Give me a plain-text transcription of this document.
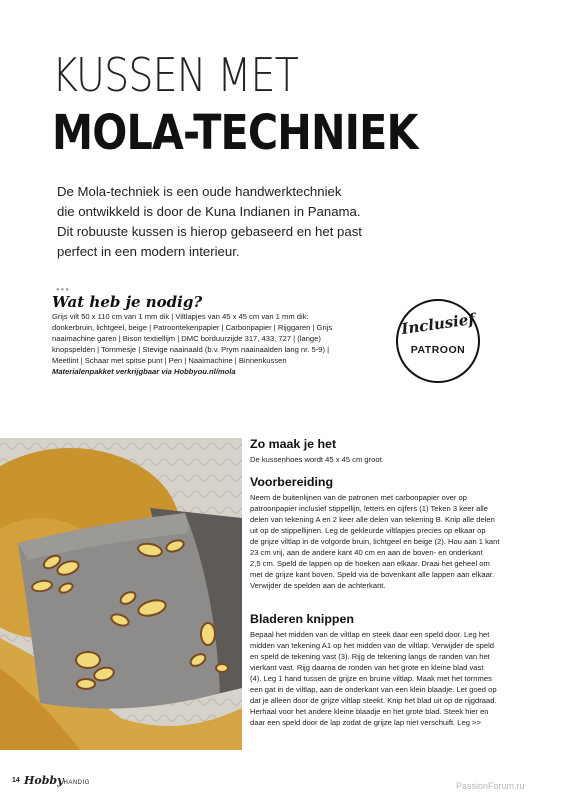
KUSSEN MET
MOLA-TECHNIEK
De Mola-techniek is een oude handwerktechniek
die ontwikkeld is door de Kuna Indianen in Panama.
Dit robuuste kussen is hierop gebaseerd en het past
perfect in een modern interieur.
●●●
Wat heb je nodig?
Grijs vilt 50 x 110 cm van 1 mm dik | Viltlapjes van 45 x 45 cm van 1 mm dik:
donkerbruin, lichtgeel, beige | Patroontekenpapier | Carbonpapier | Rijggaren | Grijs
naaimachine garen | Bison textiellijm | DMC borduurzijde 317, 433, 727 | (lange)
knopspelden | Tornmesje | Stevige naainaald (b.v. Prym naainaalden lang nr. 5-9) |
Meetlint | Schaar met spitse punt | Pen | Naaimachine | Binnenkussen
Materialenpakket verkrijgbaar via Hobbyou.nl/mola
Inclusief
PATROON
Zo maak je het
De kussenhoes wordt 45 x 45 cm groot.
Voorbereiding
Neem de buitenlijnen van de patronen met carbonpapier over op
patroonpapier inclusief stippellijn, letters en cijfers (1) Teken 3 keer alle
delen van tekening A en 2 keer alle delen van tekening B. Knip alle delen
uit op de stippellijnen. Leg de gekleurde viltlapjes precies op elkaar op
de grijze viltlap in de volgorde bruin, lichtgeel en beige (2). Hou aan 1 kant
23 cm vrij, aan de andere kant 40 cm en aan de boven- en onderkant
2,5 cm. Speld de lappen op de hoeken aan elkaar. Draai het geheel om
met de grijze kant boven. Speld via de bovenkant alle lappen aan elkaar.
Verwijder de spelden aan de achterkant.
Bladeren knippen
Bepaal het midden van de viltlap en steek daar een speld door. Leg het
midden van tekening A1 op het midden van de viltlap. Verwijder de speld
en speld de tekening vast (3). Rijg de tekening langs de randen van het
vierkant vast. Rijg daarna de ronden van het grote en kleine blad vast
(4). Leg 1 hand tussen de grijze en bruine viltlap. Maak met het tornmes
een gat in de viltlap, aan de onderkant van een klein blaadje. Let goed op
dat je alleen door de grijze viltlap steekt. Knip het blad uit op de rijgdraad.
Herhaal voor het andere kleine blaadje en het grote blad. Steek hier en
daar een speld door de lap zodat de grijze lap niet verschuift. Leg >>
14 HobbyHANDIG	PassionForum.ru
